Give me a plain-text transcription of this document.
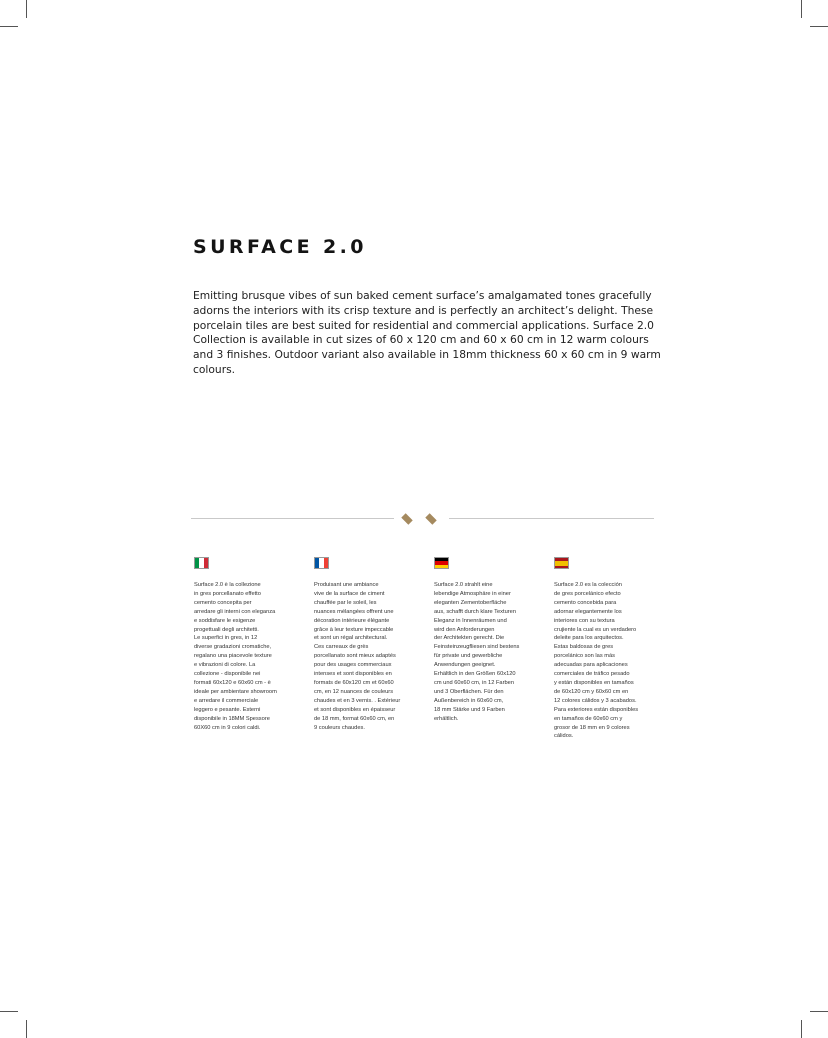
SURFACE 2.0

Emitting brusque vibes of sun baked cement surface’s amalgamated tones gracefully adorns the interiors with its crisp texture and is perfectly an architect’s delight. These porcelain tiles are best suited for residential and commercial applications. Surface 2.0 Collection is available in cut sizes of 60 x 120 cm and 60 x 60 cm in 12 warm colours and 3 finishes. Outdoor variant also available in 18mm thickness 60 x 60 cm in 9 warm colours.

Surface 2.0 è la collezione
in gres porcellanato effetto
cemento concepita per
arredare gli interni con eleganza
e soddisfare le esigenze
progettuali degli architetti.
Le superfici in gres, in 12
diverse gradazioni cromatiche,
regalano una piacevole texture
e vibrazioni di colore. La
collezione - disponibile nei
formati 60x120 e 60x60 cm - è
ideale per ambientare showroom
e arredare il commerciale
leggero e pesante. Esterni
disponibile in 18MM Spessore
60X60 cm in 9 colori caldi.

Produisant une ambiance
vive de la surface de ciment
chauffée par le soleil, les
nuances mélangées offrent une
décoration intérieure élégante
grâce à leur texture impeccable
et sont un régal architectural.
Ces carreaux de grès
porcellanato sont mieux adaptés
pour des usages commerciaux
intenses et sont disponibles en
formats de 60x120 cm et 60x60
cm, en 12 nuances de couleurs
chaudes et en 3 vernis. . Extérieur
et sont disponibles en épaisseur
de 18 mm, format 60x60 cm, en
9 couleurs chaudes.

Surface 2.0 strahlt eine
lebendige Atmosphäre in einer
eleganten Zementoberfläche
aus, schafft durch klare Texturen
Eleganz in Innenräumen und
wird den Anforderungen
der Architekten gerecht. Die
Feinsteinzeugfliesen sind bestens
für private und gewerbliche
Anwendungen geeignet.
Erhältlich in den Größen 60x120
cm und 60x60 cm, in 12 Farben
und 3 Oberflächen. Für den
Außenbereich in 60x60 cm,
18 mm Stärke und 9 Farben
erhältlich.

Surface 2.0 es la colección
de gres porcelánico efecto
cemento concebida para
adornar elegantemente los
interiores con su textura
crujiente la cual es un verdadero
deleite para los arquitectos.
Estas baldosas de gres
porcelánico son las más
adecuadas para aplicaciones
comerciales de tráfico pesado
y están disponibles en tamaños
de 60x120 cm y 60x60 cm en
12 colores cálidos y 3 acabados.
Para exteriores están disponibles
en tamaños de 60x60 cm y
grosor de 18 mm en 9 colores
cálidos.
